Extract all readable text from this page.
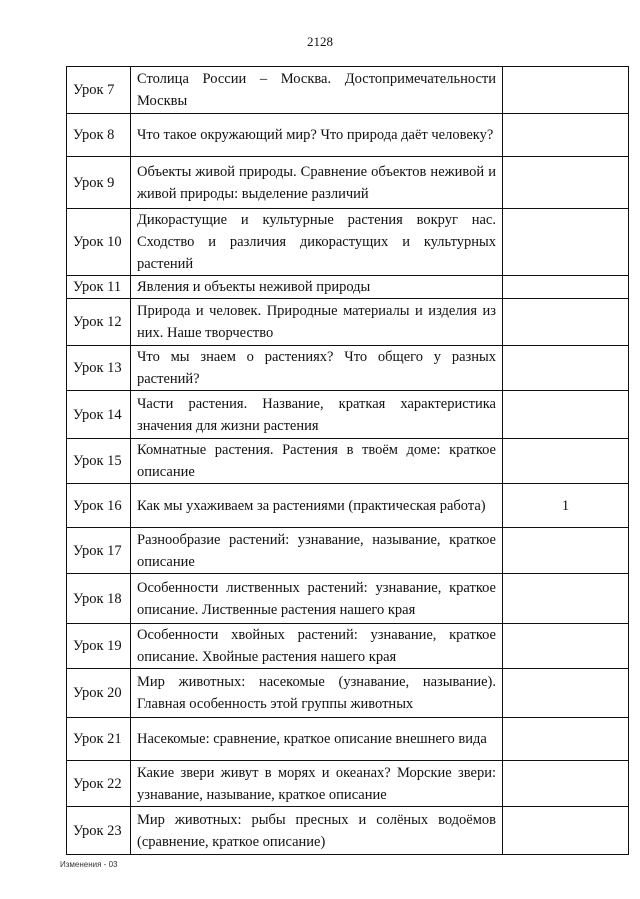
2128
Урок 7	Столица России – Москва. Достопримечательности Москвы	
Урок 8	Что такое окружающий мир? Что природа даёт человеку?	
Урок 9	Объекты живой природы. Сравнение объектов неживой и живой природы: выделение различий	
Урок 10	Дикорастущие и культурные растения вокруг нас. Сходство и различия дикорастущих и культурных растений	
Урок 11	Явления и объекты неживой природы	
Урок 12	Природа и человек. Природные материалы и изделия из них. Наше творчество	
Урок 13	Что мы знаем о растениях? Что общего у разных растений?	
Урок 14	Части растения. Название, краткая характеристика значения для жизни растения	
Урок 15	Комнатные растения. Растения в твоём доме: краткое описание	
Урок 16	Как мы ухаживаем за растениями (практическая работа)	1
Урок 17	Разнообразие растений: узнавание, называние, краткое описание	
Урок 18	Особенности лиственных растений: узнавание, краткое описание. Лиственные растения нашего края	
Урок 19	Особенности хвойных растений: узнавание, краткое описание. Хвойные растения нашего края	
Урок 20	Мир животных: насекомые (узнавание, называние). Главная особенность этой группы животных	
Урок 21	Насекомые: сравнение, краткое описание внешнего вида	
Урок 22	Какие звери живут в морях и океанах? Морские звери: узнавание, называние, краткое описание	
Урок 23	Мир животных: рыбы пресных и солёных водоёмов (сравнение, краткое описание)	
Изменения - 03
